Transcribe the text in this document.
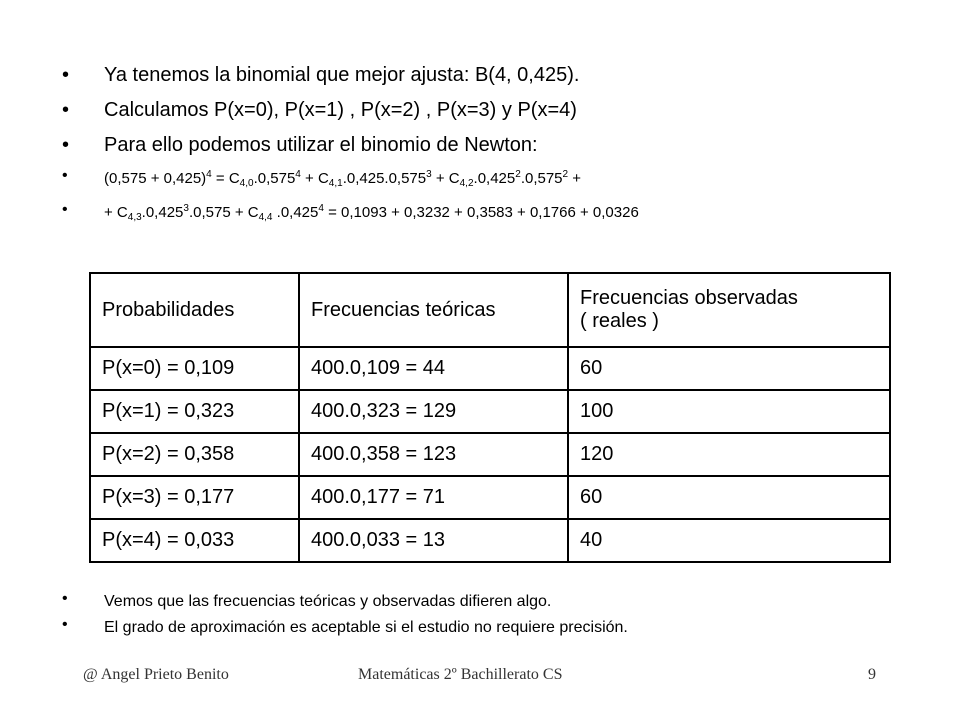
• Ya tenemos la binomial que mejor ajusta: B(4, 0,425).
• Calculamos P(x=0), P(x=1) , P(x=2) , P(x=3) y P(x=4)
• Para ello podemos utilizar el binomio de Newton:
• $(0,575 + 0,425)^4 = C_{4,0}.0,575^4 + C_{4,1}.0,425.0,575^3 + C_{4,2}.0,425^2.0,575^2$ +
• + $C_{4,3}.0,425^3.0,575 + C_{4,4}$ $.0,425^4 = 0,1093 + 0,3232 + 0,3583 + 0,1766 + 0,0326$
Probabilidades	Frecuencias teóricas	Frecuencias observadas
( reales )
P(x=0) = 0,109	400.0,109 = 44	60
P(x=1) = 0,323	400.0,323 = 129	100
P(x=2) = 0,358	400.0,358 = 123	120
P(x=3) = 0,177	400.0,177 = 71	60
P(x=4) = 0,033	400.0,033 = 13	40
• Vemos que las frecuencias teóricas y observadas difieren algo.
• El grado de aproximación es aceptable si el estudio no requiere precisión.
@ Angel Prieto Benito	Matemáticas 2º Bachillerato CS	9
